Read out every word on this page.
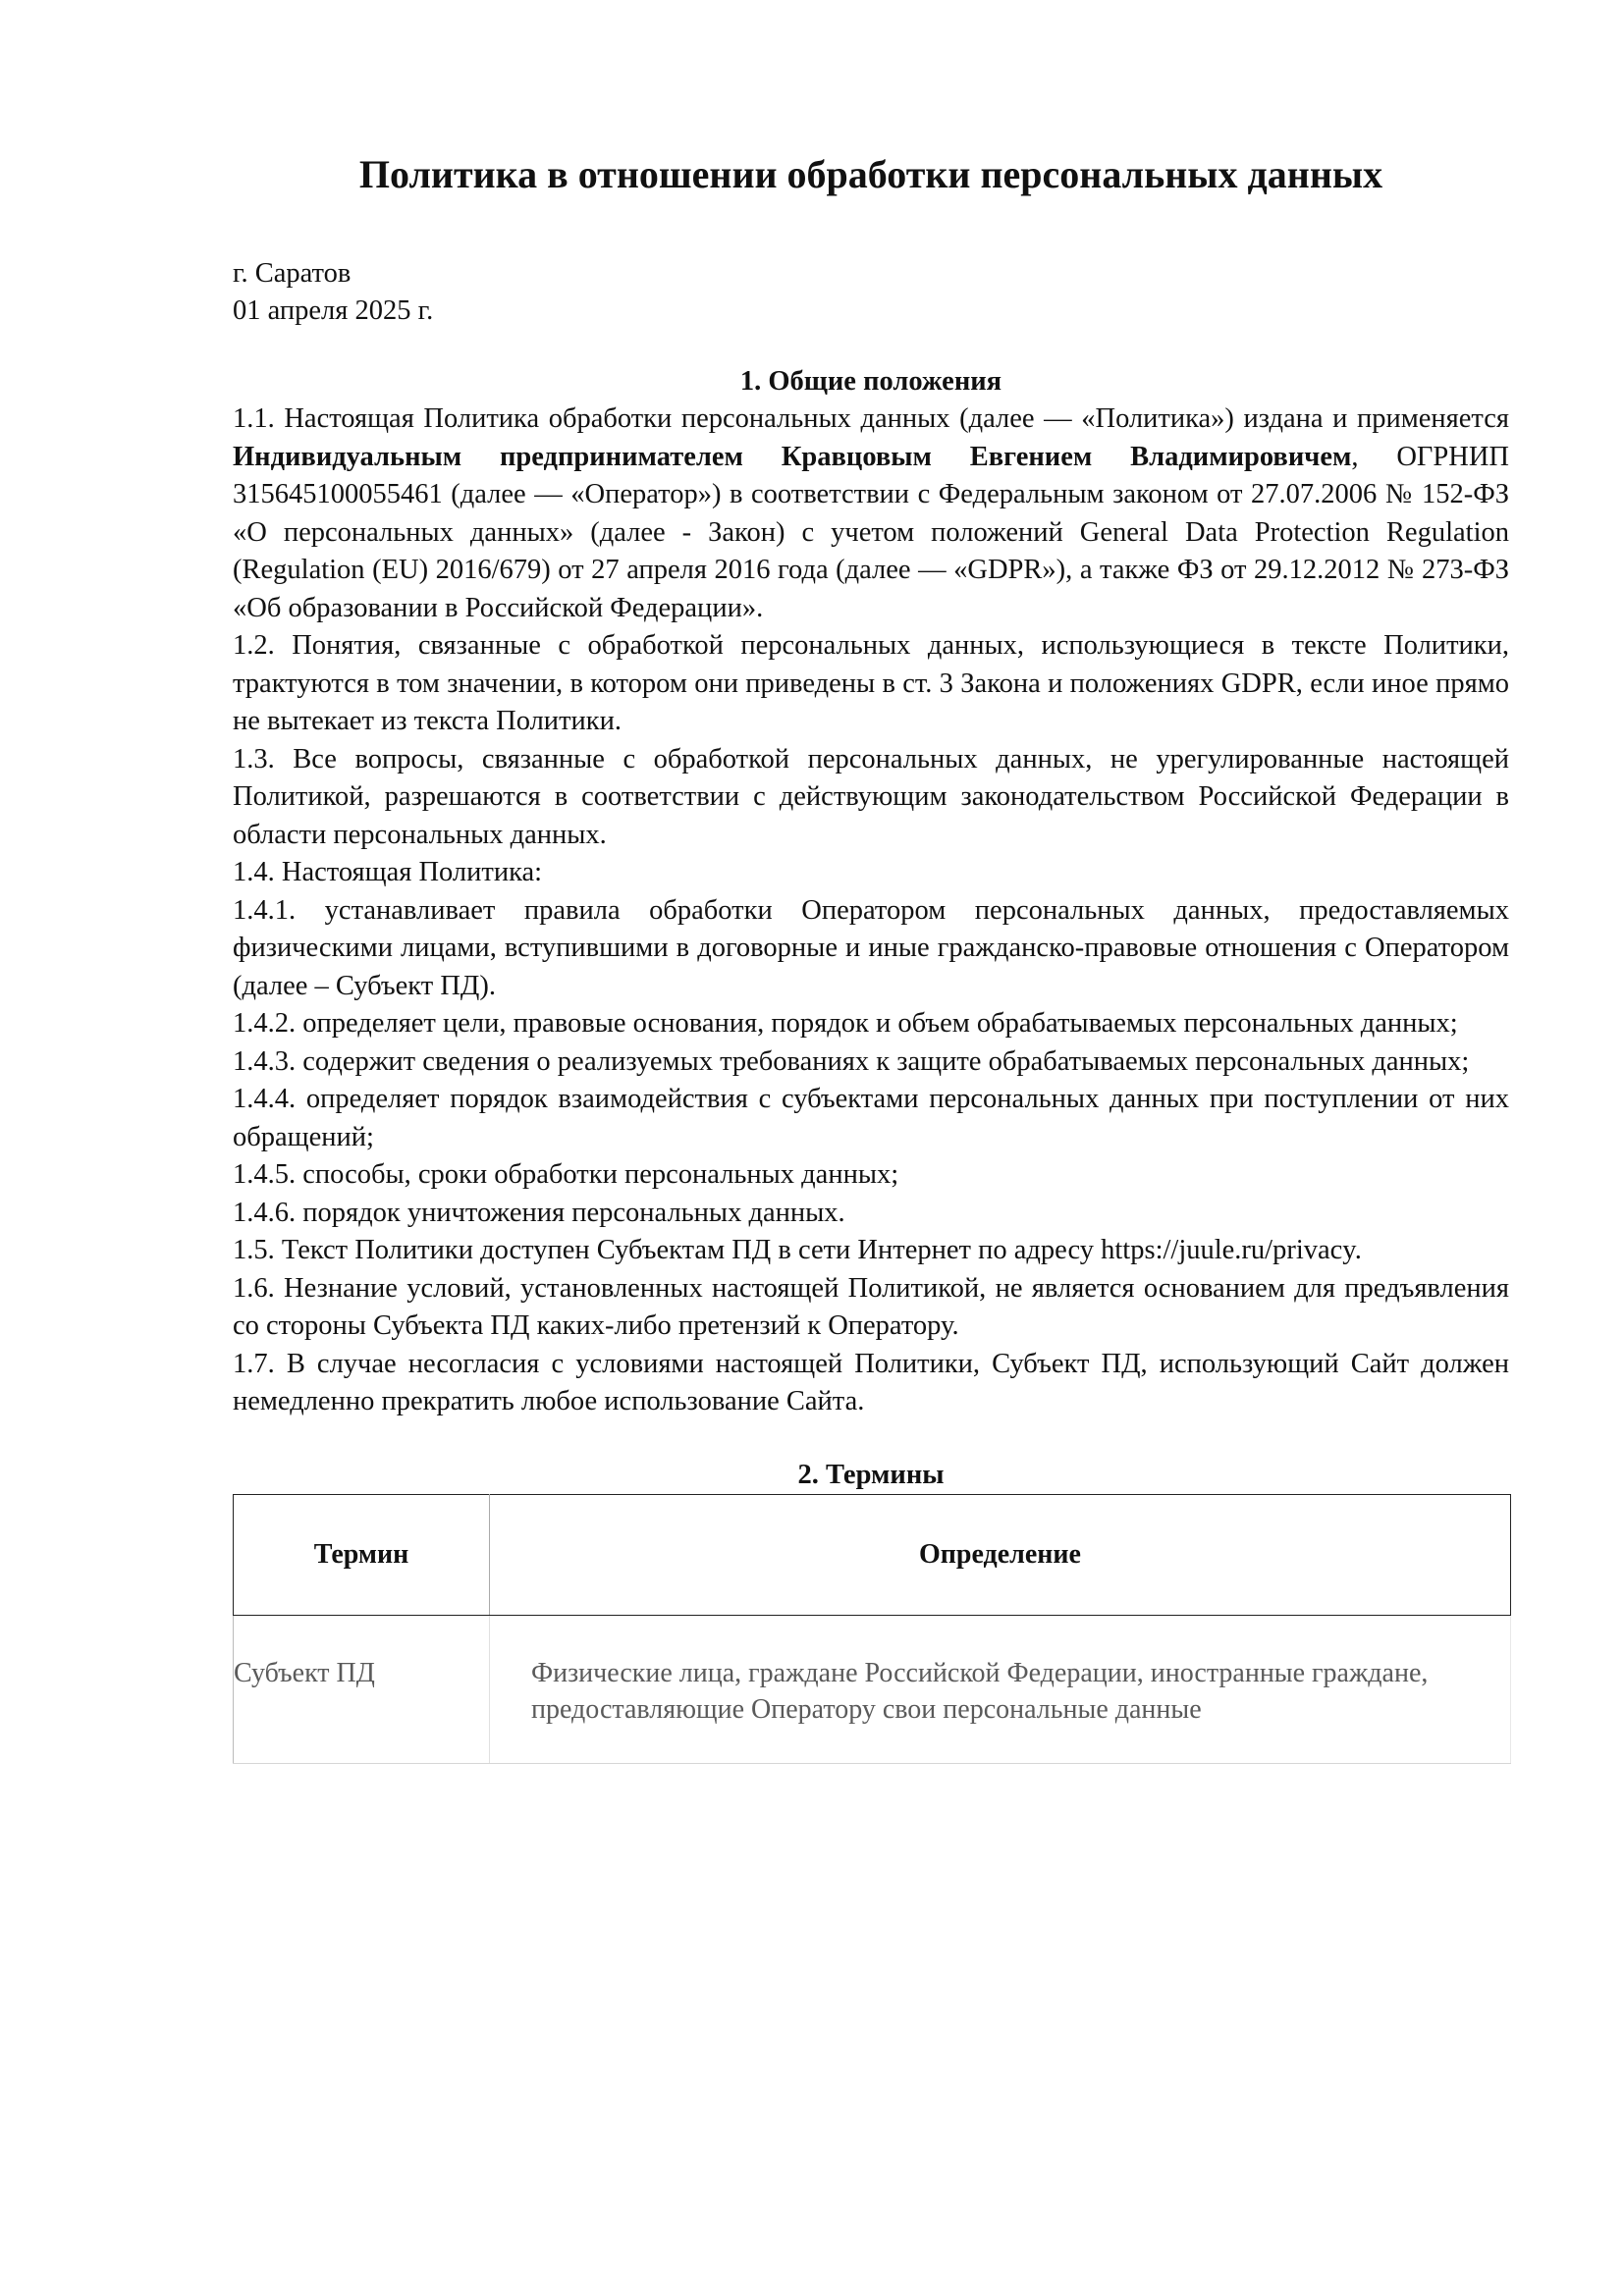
Политика в отношении обработки персональных данных
г. Саратов
01 апреля 2025 г.
1. Общие положения

1.1. Настоящая Политика обработки персональных данных (далее — «Политика») издана и применяется Индивидуальным предпринимателем Кравцовым Евгением Владимировичем, ОГРНИП 315645100055461 (далее — «Оператор») в соответствии с Федеральным законом от 27.07.2006 № 152-ФЗ «О персональных данных» (далее - Закон) с учетом положений General Data Protection Regulation (Regulation (EU) 2016/679) от 27 апреля 2016 года (далее — «GDPR»), а также ФЗ от 29.12.2012 № 273-ФЗ «Об образовании в Российской Федерации».

1.2. Понятия, связанные с обработкой персональных данных, использующиеся в тексте Политики, трактуются в том значении, в котором они приведены в ст. 3 Закона и положениях GDPR, если иное прямо не вытекает из текста Политики.

1.3. Все вопросы, связанные с обработкой персональных данных, не урегулированные настоящей Политикой, разрешаются в соответствии с действующим законодательством Российской Федерации в области персональных данных.

1.4. Настоящая Политика:

1.4.1. устанавливает правила обработки Оператором персональных данных, предоставляемых физическими лицами, вступившими в договорные и иные гражданско-правовые отношения с Оператором (далее – Субъект ПД).

1.4.2. определяет цели, правовые основания, порядок и объем обрабатываемых персональных данных;

1.4.3. содержит сведения о реализуемых требованиях к защите обрабатываемых персональных данных;

1.4.4. определяет порядок взаимодействия с субъектами персональных данных при поступлении от них обращений;

1.4.5. способы, сроки обработки персональных данных;

1.4.6. порядок уничтожения персональных данных.

1.5. Текст Политики доступен Субъектам ПД в сети Интернет по адресу https://juule.ru/privacy.

1.6. Незнание условий, установленных настоящей Политикой, не является основанием для предъявления со стороны Субъекта ПД каких-либо претензий к Оператору.

1.7. В случае несогласия с условиями настоящей Политики, Субъект ПД, использующий Сайт должен немедленно прекратить любое использование Сайта.

2. Термины
Термин	Определение
Субъект ПД	Физические лица, граждане Российской Федерации, иностранные граждане, предоставляющие Оператору свои персональные данные
